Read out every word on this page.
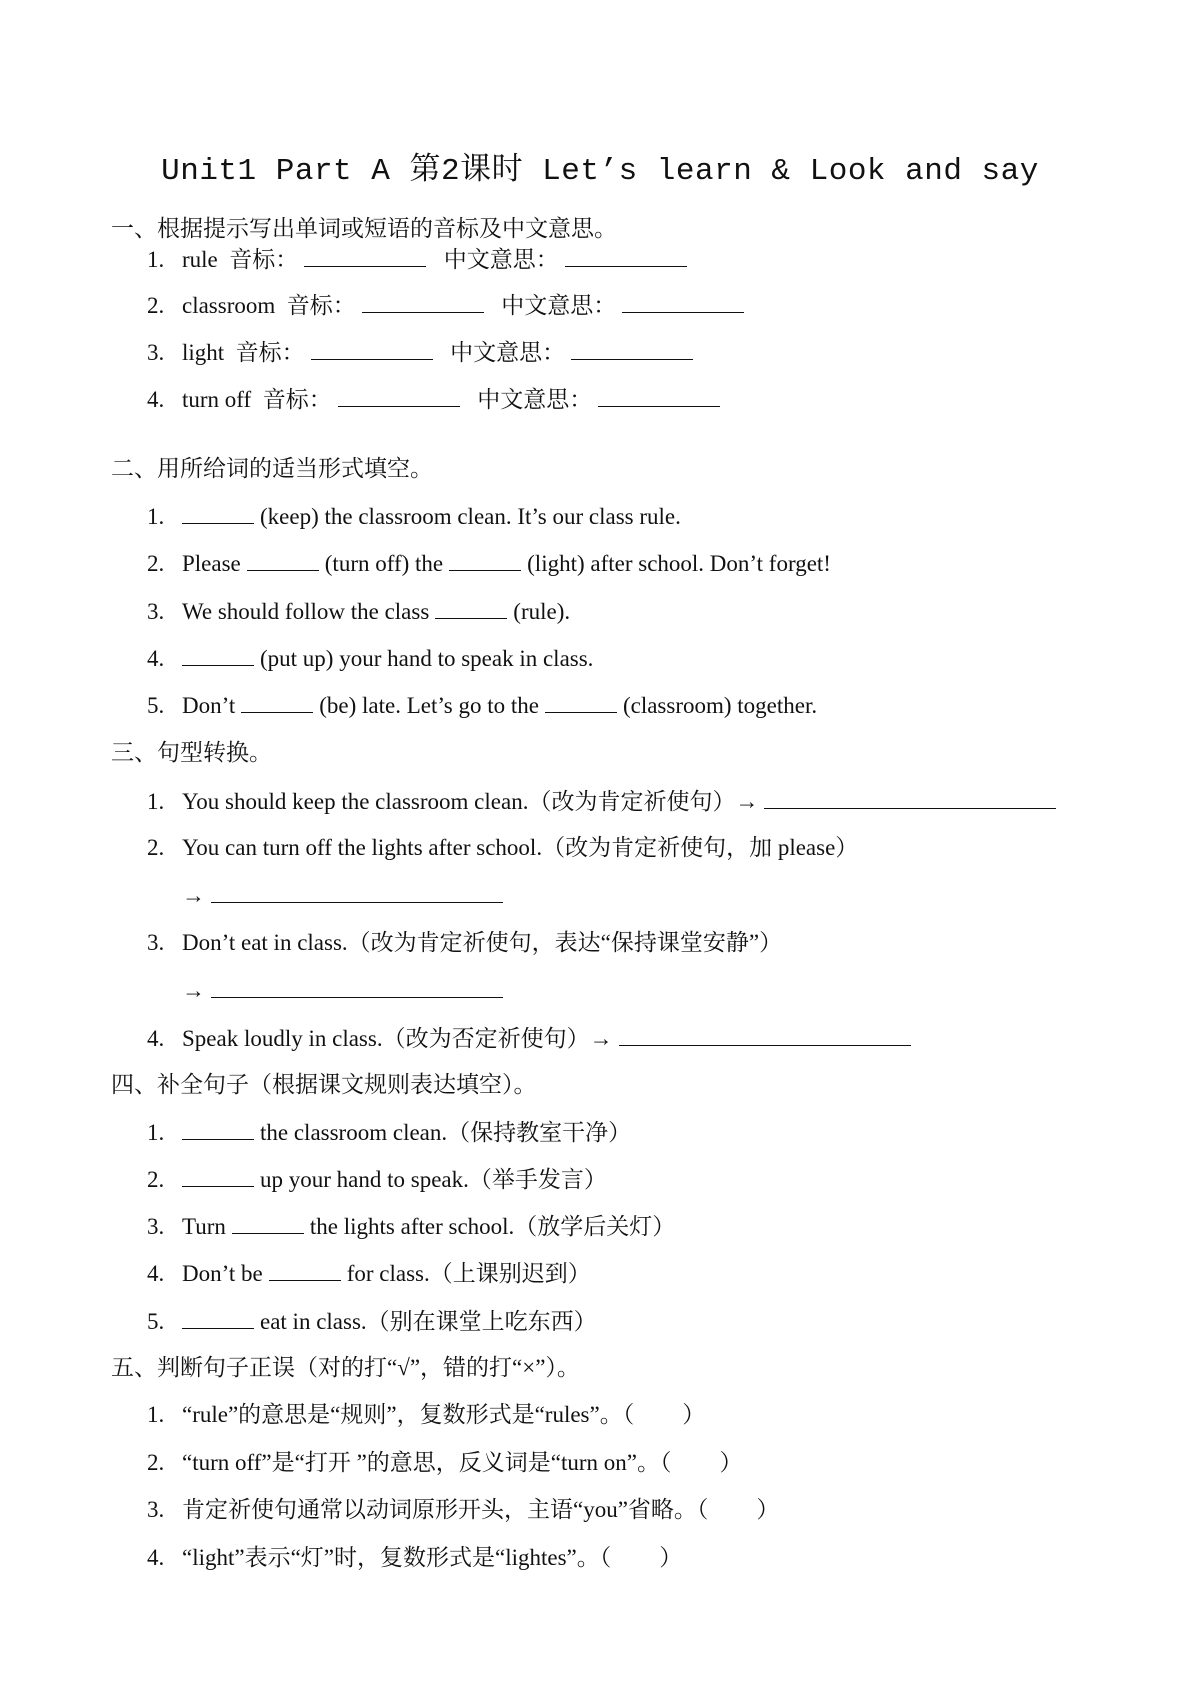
Unit1 Part A 第2课时 Let’s learn & Look and say
一、根据提示写出单词或短语的音标及中文意思。
1. rule 音标：	中文意思：
2. classroom 音标：	中文意思：
3. light 音标：	中文意思：
4. turn off 音标：	中文意思：
二、用所给词的适当形式填空。
1.	(keep) the classroom clean. It’s our class rule.
2. Please	(turn off) the	(light) after school. Don’t forget!
3. We should follow the class	(rule).
4.	(put up) your hand to speak in class.
5. Don’t	(be) late. Let’s go to the	(classroom) together.
三、句型转换。
1. You should keep the classroom clean.（改为肯定祈使句）→
2. You can turn off the lights after school.（改为肯定祈使句，加 please）
→
3. Don’t eat in class.（改为肯定祈使句，表达“保持课堂安静”）
→
4. Speak loudly in class.（改为否定祈使句）→
四、补全句子（根据课文规则表达填空）。
1.	the classroom clean.（保持教室干净）
2.	up your hand to speak.（举手发言）
3. Turn	the lights after school.（放学后关灯）
4. Don’t be	for class.（上课别迟到）
5.	eat in class.（别在课堂上吃东西）
五、判断句子正误（对的打“√”，错的打“×”）。
1. “rule”的意思是“规则”，复数形式是“rules”。（ ）
2. “turn off”是“打开 ”的意思，反义词是“turn on”。（ ）
3. 肯定祈使句通常以动词原形开头，主语“you”省略。（ ）
4. “light”表示“灯”时，复数形式是“lightes”。（ ）
